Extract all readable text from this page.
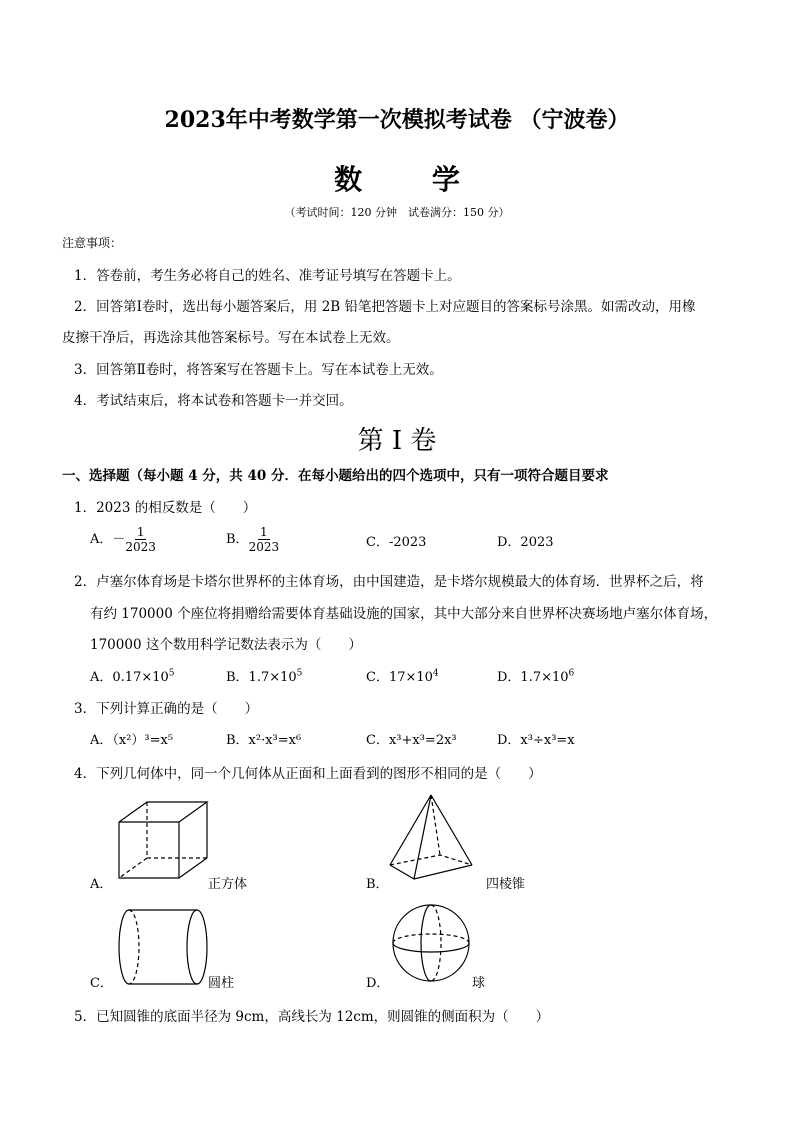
2023年中考数学第一次模拟考试卷 （宁波卷）
数 学
（考试时间：120 分钟　试卷满分：150 分）
注意事项：
1．答卷前，考生务必将自己的姓名、准考证号填写在答题卡上。
2．回答第Ⅰ卷时，选出每小题答案后，用 2B 铅笔把答题卡上对应题目的答案标号涂黑。如需改动，用橡
皮擦干净后，再选涂其他答案标号。写在本试卷上无效。
3．回答第Ⅱ卷时，将答案写在答题卡上。写在本试卷上无效。
4．考试结束后，将本试卷和答题卡一并交回。
第 I 卷
一、选择题（每小题 4 分，共 40 分．在每小题给出的四个选项中，只有一项符合题目要求
1．2023 的相反数是（　　）
A．－ $\frac{1}{2023}$	B． $\frac{1}{2023}$	C．-2023	D．2023
2．卢塞尔体育场是卡塔尔世界杯的主体育场，由中国建造，是卡塔尔规模最大的体育场．世界杯之后，将
有约 170000 个座位将捐赠给需要体育基础设施的国家，其中大部分来自世界杯决赛场地卢塞尔体育场，
170000 这个数用科学记数法表示为（　　）
A．$0.17\times 10^5$	B．$1.7\times 10^5$	C．$17\times 10^4$	D．$1.7\times 10^6$
3．下列计算正确的是（　　）
A．（x²）³=x⁵	B．x²·x³=x⁶	C．x³+x³=2x³	D．x³÷x³=x
4．下列几何体中，同一个几何体从正面和上面看到的图形不相同的是（　　）
A．	正方体	B．	四棱锥
C．	圆柱	D．	球
5．已知圆锥的底面半径为 9cm，高线长为 12cm，则圆锥的侧面积为（　　）
